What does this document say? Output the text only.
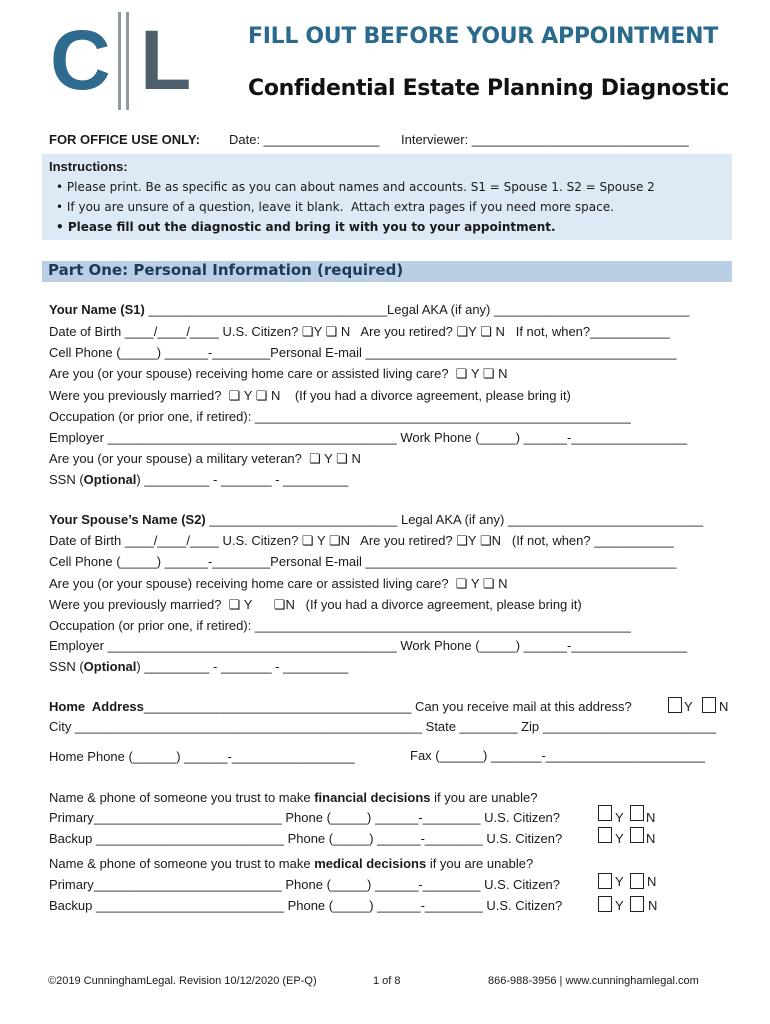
C L	FILL OUT BEFORE YOUR APPOINTMENT
Confidential Estate Planning Diagnostic
FOR OFFICE USE ONLY: Date: ________________ Interviewer: ______________________________
Instructions:
• Please print. Be as specific as you can about names and accounts. S1 = Spouse 1. S2 = Spouse 2
• If you are unsure of a question, leave it blank.  Attach extra pages if you need more space.
• Please fill out the diagnostic and bring it with you to your appointment.
Part One: Personal Information (required)
Your Name (S1) _________________________________Legal AKA (if any) ___________________________
Date of Birth ____/____/____ U.S. Citizen? ❏Y ❏ N   Are you retired? ❏Y ❏ N   If not, when?___________
Cell Phone (_____) ______-________Personal E-mail ___________________________________________
Are you (or your spouse) receiving home care or assisted living care?  ❏ Y ❏ N
Were you previously married?  ❏ Y ❏ N    (If you had a divorce agreement, please bring it)
Occupation (or prior one, if retired): ____________________________________________________
Employer ________________________________________ Work Phone (_____) ______-________________
Are you (or your spouse) a military veteran?  ❏ Y ❏ N
SSN (Optional) _________ - _______ - _________
Your Spouse’s Name (S2) __________________________ Legal AKA (if any) ___________________________
Date of Birth ____/____/____ U.S. Citizen? ❏ Y ❏N   Are you retired? ❏Y ❏N   (If not, when? ___________
Cell Phone (_____) ______-________Personal E-mail ___________________________________________
Are you (or your spouse) receiving home care or assisted living care?  ❏ Y ❏ N
Were you previously married?  ❏ Y      ❏N   (If you had a divorce agreement, please bring it)
Occupation (or prior one, if retired): ____________________________________________________
Employer ________________________________________ Work Phone (_____) ______-________________
SSN (Optional) _________ - _______ - _________
Home  Address_____________________________________ Can you receive mail at this address?	Y N
City ________________________________________________ State ________ Zip ________________________
Home Phone (______) ______-_________________	Fax (______) _______-______________________
Name & phone of someone you trust to make financial decisions if you are unable?
Primary__________________________ Phone (_____) ______-________ U.S. Citizen?	Y N
Backup __________________________ Phone (_____) ______-________ U.S. Citizen?	Y N
Name & phone of someone you trust to make medical decisions if you are unable?
Primary__________________________ Phone (_____) ______-________ U.S. Citizen?	Y N
Backup __________________________ Phone (_____) ______-________ U.S. Citizen?	Y N
©2019 CunninghamLegal. Revision 10/12/2020 (EP-Q)	1 of 8	866-988-3956 | www.cunninghamlegal.com
